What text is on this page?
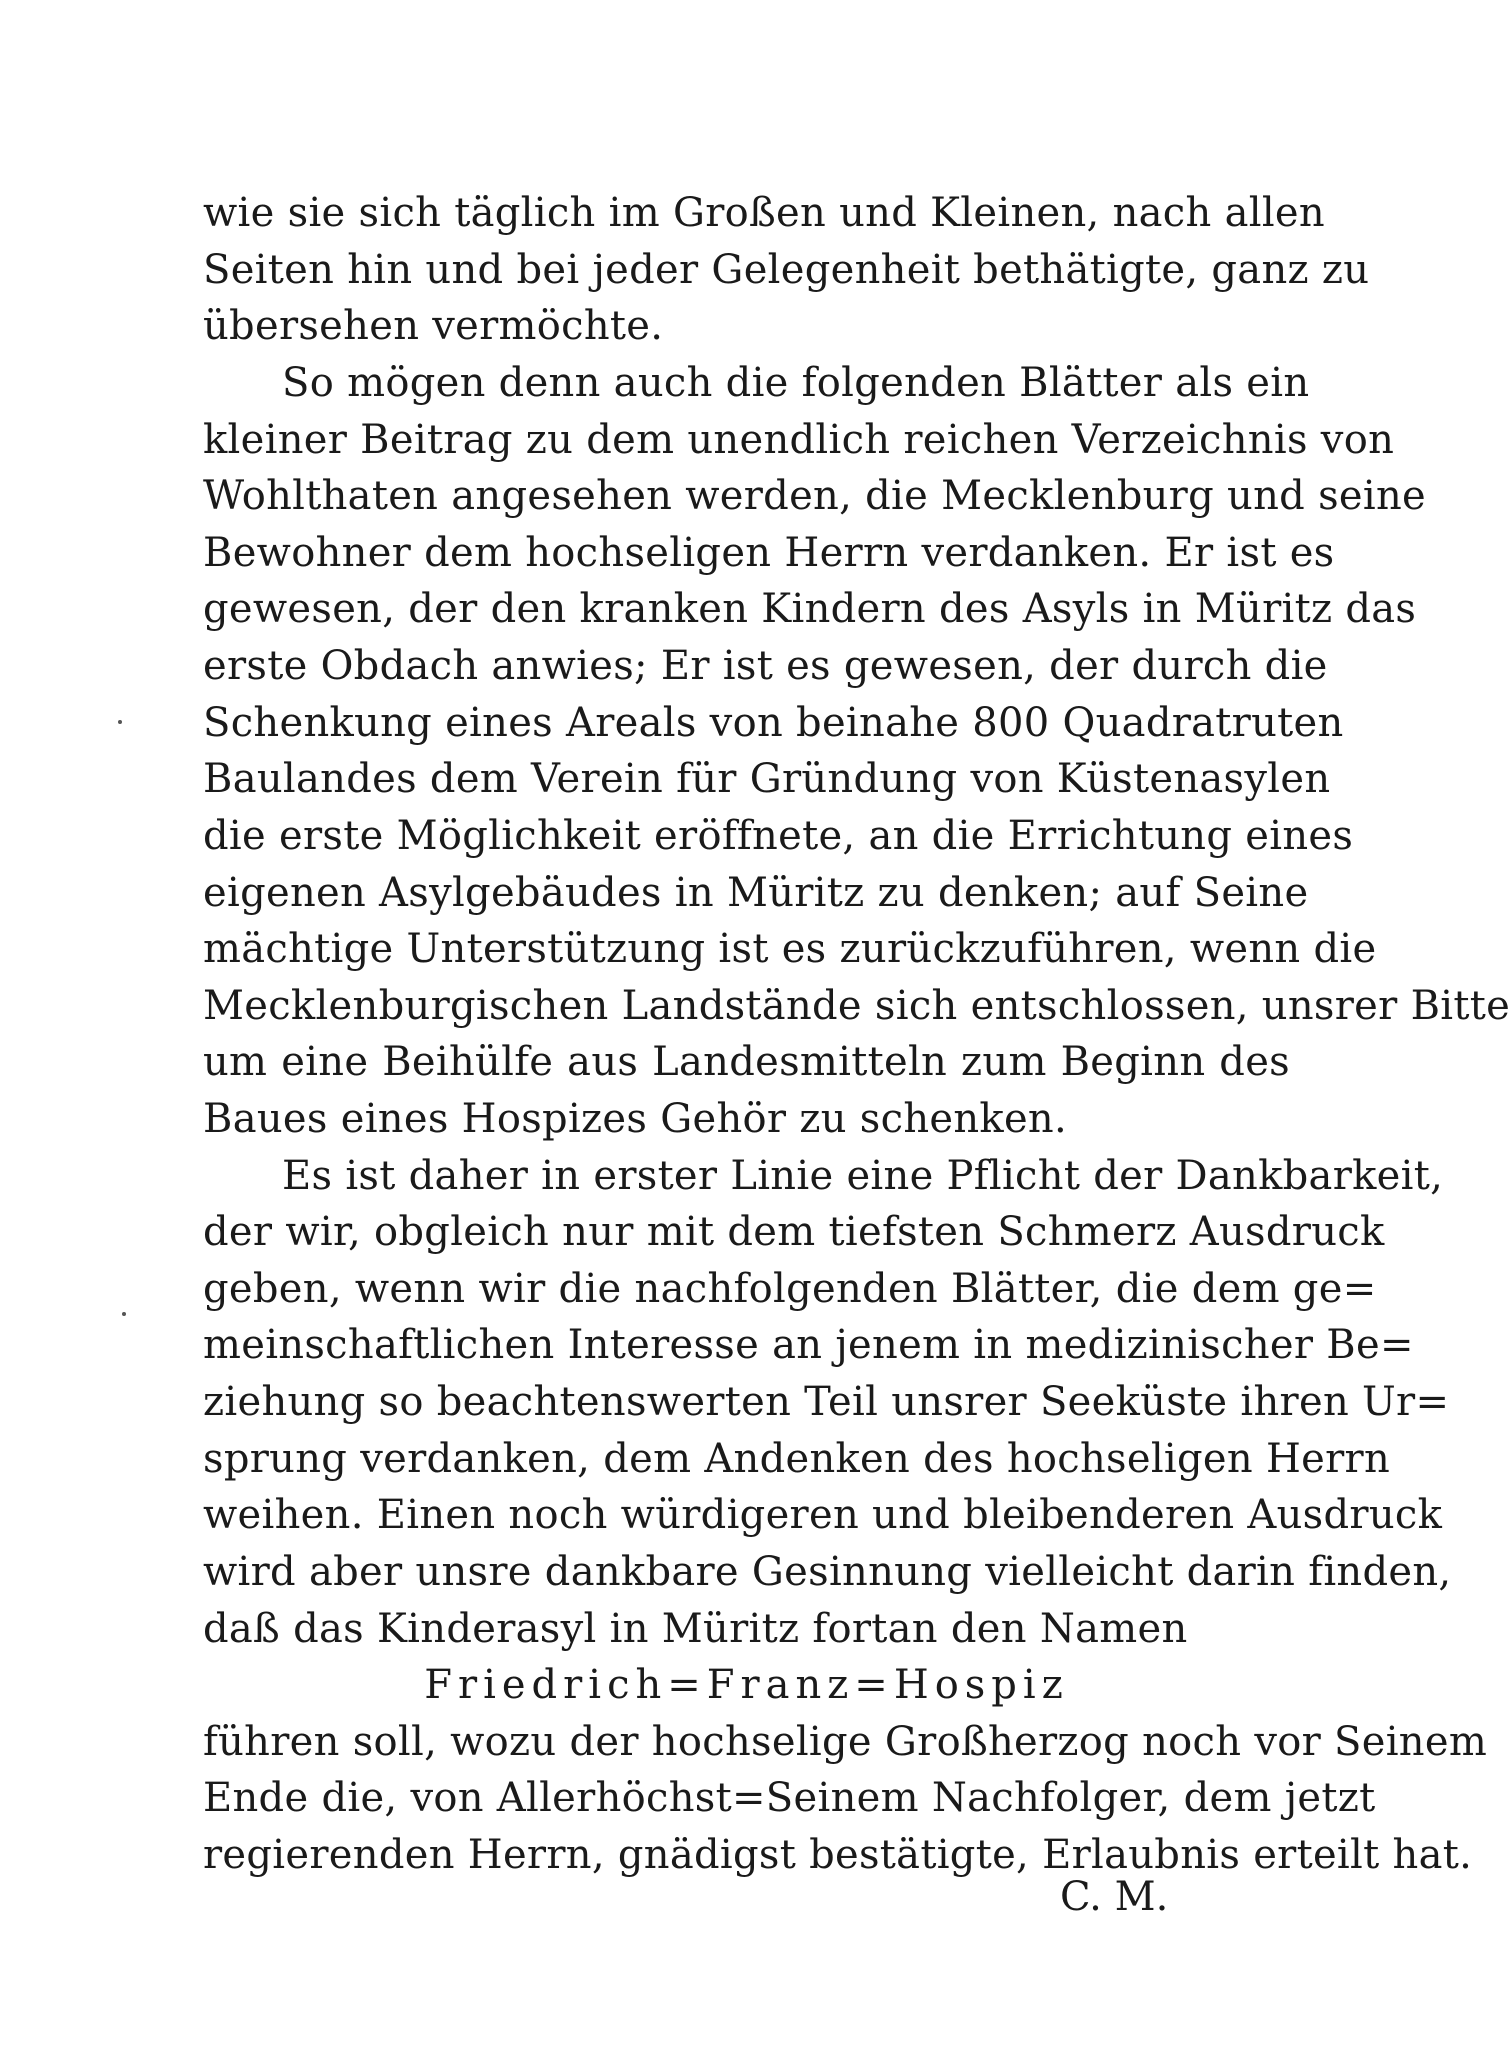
wie sie sich täglich im Großen und Kleinen, nach allen
Seiten hin und bei jeder Gelegenheit bethätigte, ganz zu
übersehen vermöchte.
So mögen denn auch die folgenden Blätter als ein
kleiner Beitrag zu dem unendlich reichen Verzeichnis von
Wohlthaten angesehen werden, die Mecklenburg und seine
Bewohner dem hochseligen Herrn verdanken. Er ist es
gewesen, der den kranken Kindern des Asyls in Müritz das
erste Obdach anwies; Er ist es gewesen, der durch die
Schenkung eines Areals von beinahe 800 Quadratruten
Baulandes dem Verein für Gründung von Küstenasylen
die erste Möglichkeit eröffnete, an die Errichtung eines
eigenen Asylgebäudes in Müritz zu denken; auf Seine
mächtige Unterstützung ist es zurückzuführen, wenn die
Mecklenburgischen Landstände sich entschlossen, unsrer Bitte
um eine Beihülfe aus Landesmitteln zum Beginn des
Baues eines Hospizes Gehör zu schenken.
Es ist daher in erster Linie eine Pflicht der Dankbarkeit,
der wir, obgleich nur mit dem tiefsten Schmerz Ausdruck
geben, wenn wir die nachfolgenden Blätter, die dem ge=
meinschaftlichen Interesse an jenem in medizinischer Be=
ziehung so beachtenswerten Teil unsrer Seeküste ihren Ur=
sprung verdanken, dem Andenken des hochseligen Herrn
weihen. Einen noch würdigeren und bleibenderen Ausdruck
wird aber unsre dankbare Gesinnung vielleicht darin finden,
daß das Kinderasyl in Müritz fortan den Namen
Friedrich=Franz=Hospiz
führen soll, wozu der hochselige Großherzog noch vor Seinem
Ende die, von Allerhöchst=Seinem Nachfolger, dem jetzt
regierenden Herrn, gnädigst bestätigte, Erlaubnis erteilt hat.
C. M.
